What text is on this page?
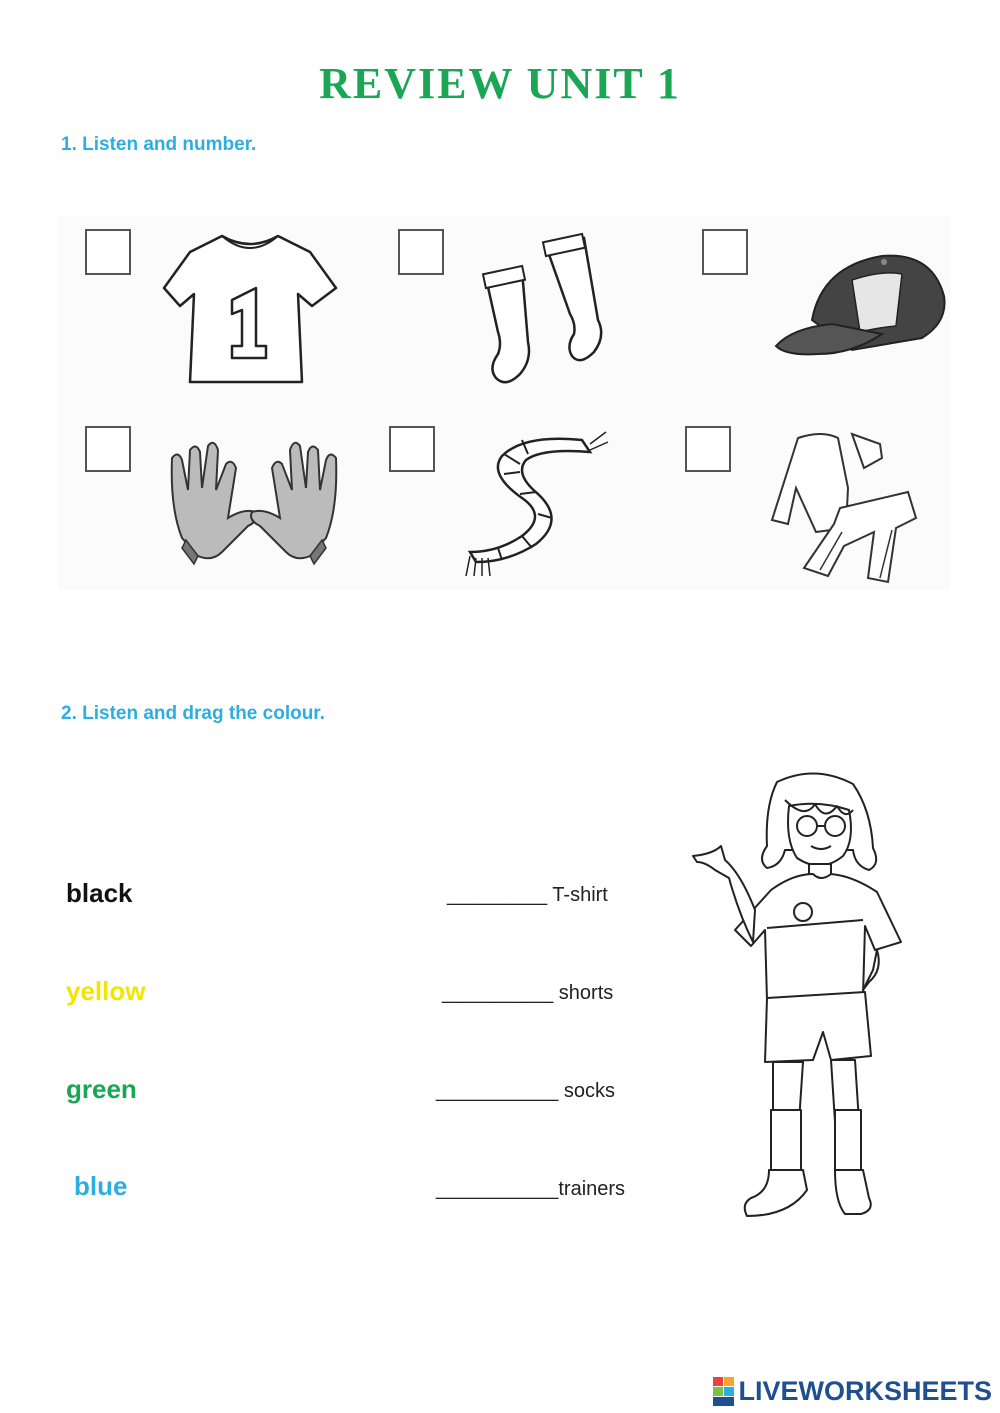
REVIEW UNIT 1
1. Listen and number.
2. Listen and drag the colour.
black
yellow
green
blue
_________ T-shirt
__________ shorts
___________ socks
___________trainers
LIVEWORKSHEETS
